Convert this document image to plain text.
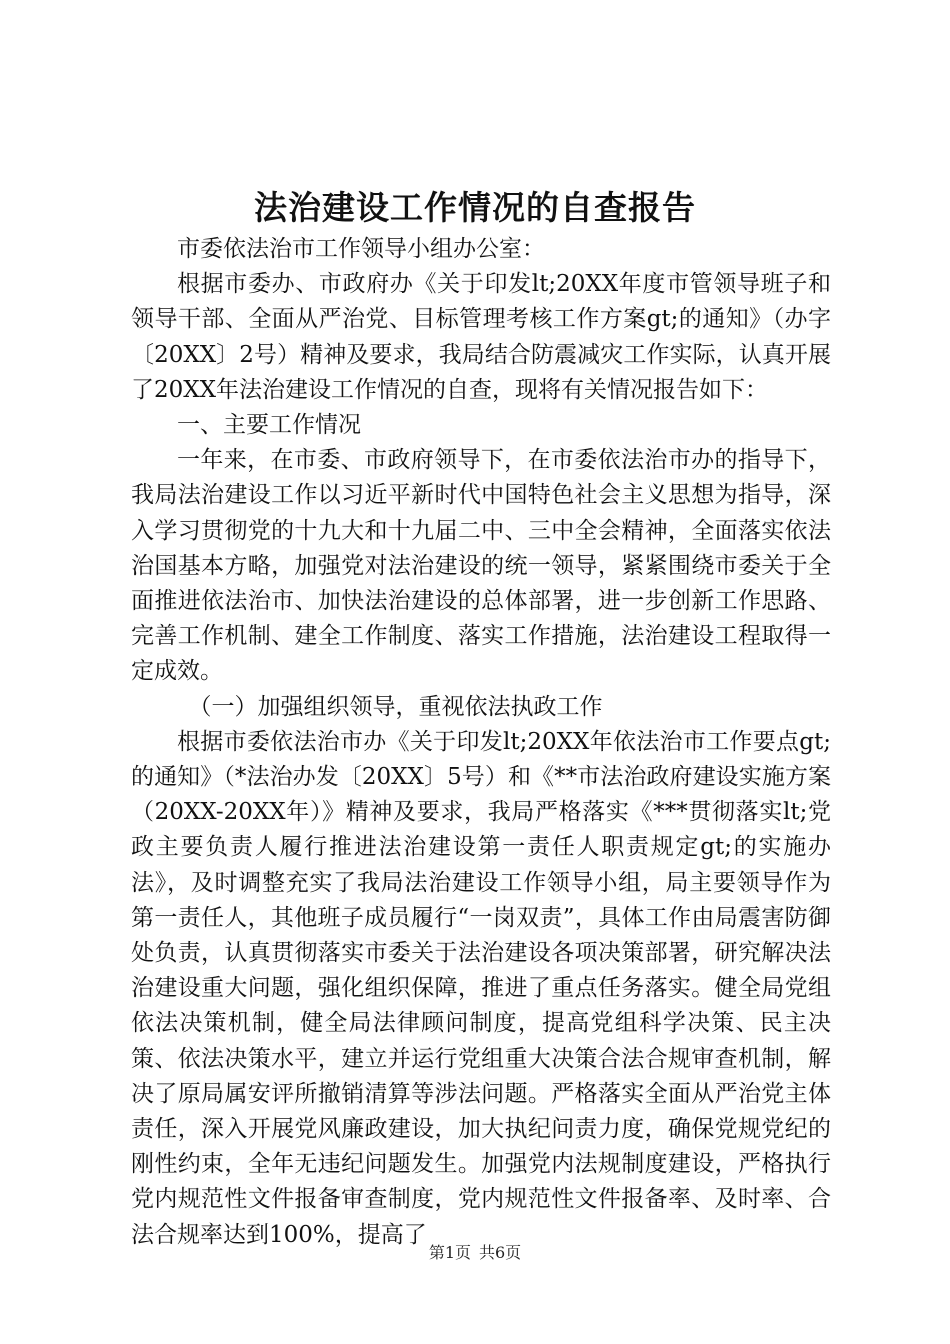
法治建设工作情况的自查报告

市委依法治市工作领导小组办公室：

根据市委办、市政府办《关于印发lt;20XX年度市管领导班子和领导干部、全面从严治党、目标管理考核工作方案gt;的通知》（办字〔20XX〕2号）精神及要求，我局结合防震减灾工作实际，认真开展了20XX年法治建设工作情况的自查，现将有关情况报告如下：

一、主要工作情况

一年来，在市委、市政府领导下，在市委依法治市办的指导下，我局法治建设工作以习近平新时代中国特色社会主义思想为指导，深入学习贯彻党的十九大和十九届二中、三中全会精神，全面落实依法治国基本方略，加强党对法治建设的统一领导，紧紧围绕市委关于全面推进依法治市、加快法治建设的总体部署，进一步创新工作思路、完善工作机制、建全工作制度、落实工作措施，法治建设工程取得一定成效。

（一）加强组织领导，重视依法执政工作

根据市委依法治市办《关于印发lt;20XX年依法治市工作要点gt;的通知》（*法治办发〔20XX〕5号）和《**市法治政府建设实施方案（20XX-20XX年）》精神及要求，我局严格落实《***贯彻落实lt;党政主要负责人履行推进法治建设第一责任人职责规定gt;的实施办法》，及时调整充实了我局法治建设工作领导小组，局主要领导作为第一责任人，其他班子成员履行“一岗双责”，具体工作由局震害防御处负责，认真贯彻落实市委关于法治建设各项决策部署，研究解决法治建设重大问题，强化组织保障，推进了重点任务落实。健全局党组依法决策机制，健全局法律顾问制度，提高党组科学决策、民主决策、依法决策水平，建立并运行党组重大决策合法合规审查机制，解决了原局属安评所撤销清算等涉法问题。严格落实全面从严治党主体责任，深入开展党风廉政建设，加大执纪问责力度，确保党规党纪的刚性约束，全年无违纪问题发生。加强党内法规制度建设，严格执行党内规范性文件报备审查制度，党内规范性文件报备率、及时率、合法合规率达到100%，提高了

第1页 共6页
